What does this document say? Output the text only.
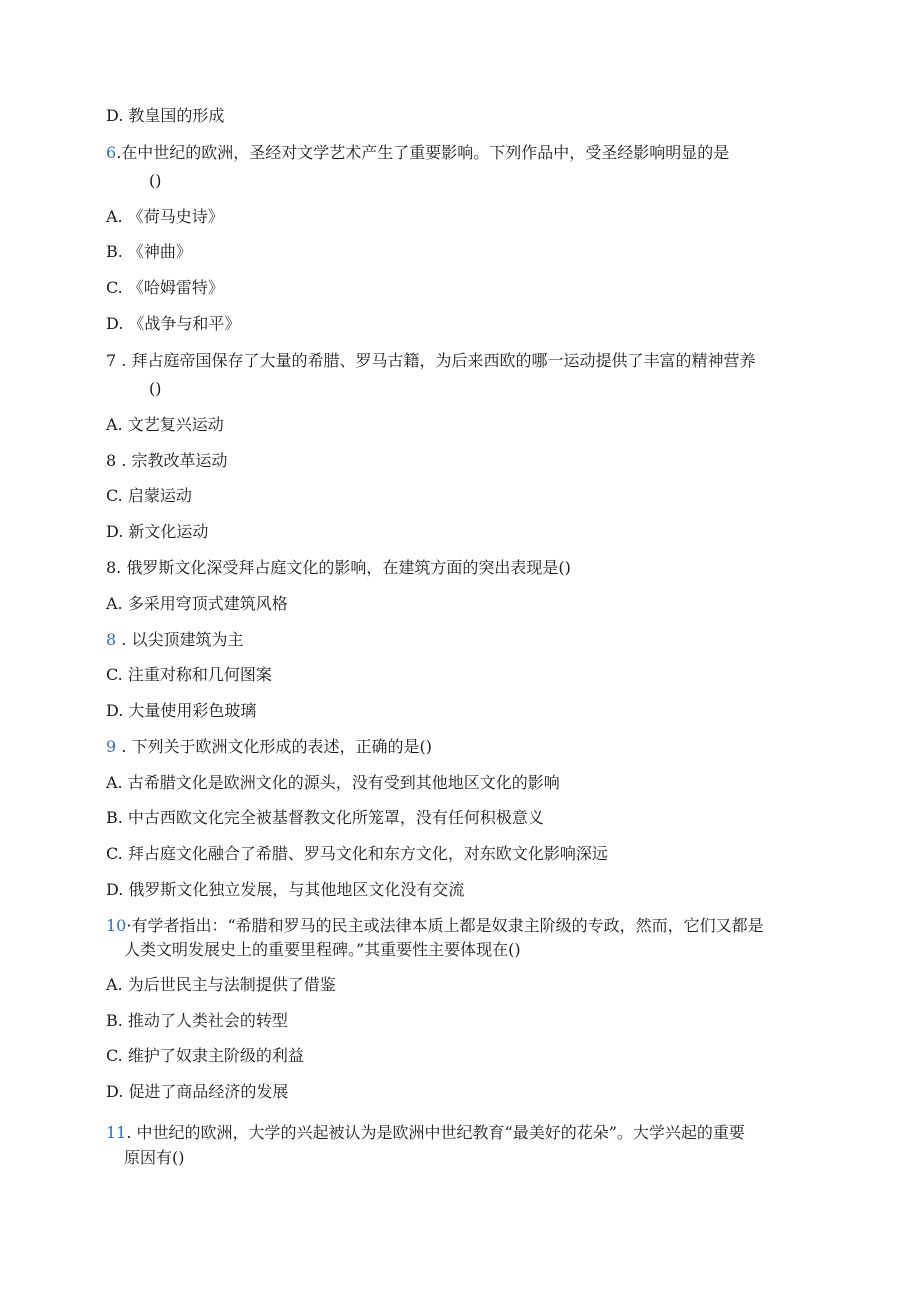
D. 教皇国的形成
6.在中世纪的欧洲，圣经对文学艺术产生了重要影响。下列作品中，受圣经影响明显的是
()
A. 《荷马史诗》
B. 《神曲》
C. 《哈姆雷特》
D. 《战争与和平》
7 . 拜占庭帝国保存了大量的希腊、罗马古籍，为后来西欧的哪一运动提供了丰富的精神营养
()
A. 文艺复兴运动
8 . 宗教改革运动
C. 启蒙运动
D. 新文化运动
8. 俄罗斯文化深受拜占庭文化的影响，在建筑方面的突出表现是()
A. 多采用穹顶式建筑风格
8 . 以尖顶建筑为主
C. 注重对称和几何图案
D. 大量使用彩色玻璃
9 . 下列关于欧洲文化形成的表述，正确的是()
A. 古希腊文化是欧洲文化的源头，没有受到其他地区文化的影响
B. 中古西欧文化完全被基督教文化所笼罩，没有任何积极意义
C. 拜占庭文化融合了希腊、罗马文化和东方文化，对东欧文化影响深远
D. 俄罗斯文化独立发展，与其他地区文化没有交流
10·有学者指出：“希腊和罗马的民主或法律本质上都是奴隶主阶级的专政，然而，它们又都是
人类文明发展史上的重要里程碑。”其重要性主要体现在()
A. 为后世民主与法制提供了借鉴
B. 推动了人类社会的转型
C. 维护了奴隶主阶级的利益
D. 促进了商品经济的发展
11. 中世纪的欧洲，大学的兴起被认为是欧洲中世纪教育“最美好的花朵”。大学兴起的重要
原因有()
